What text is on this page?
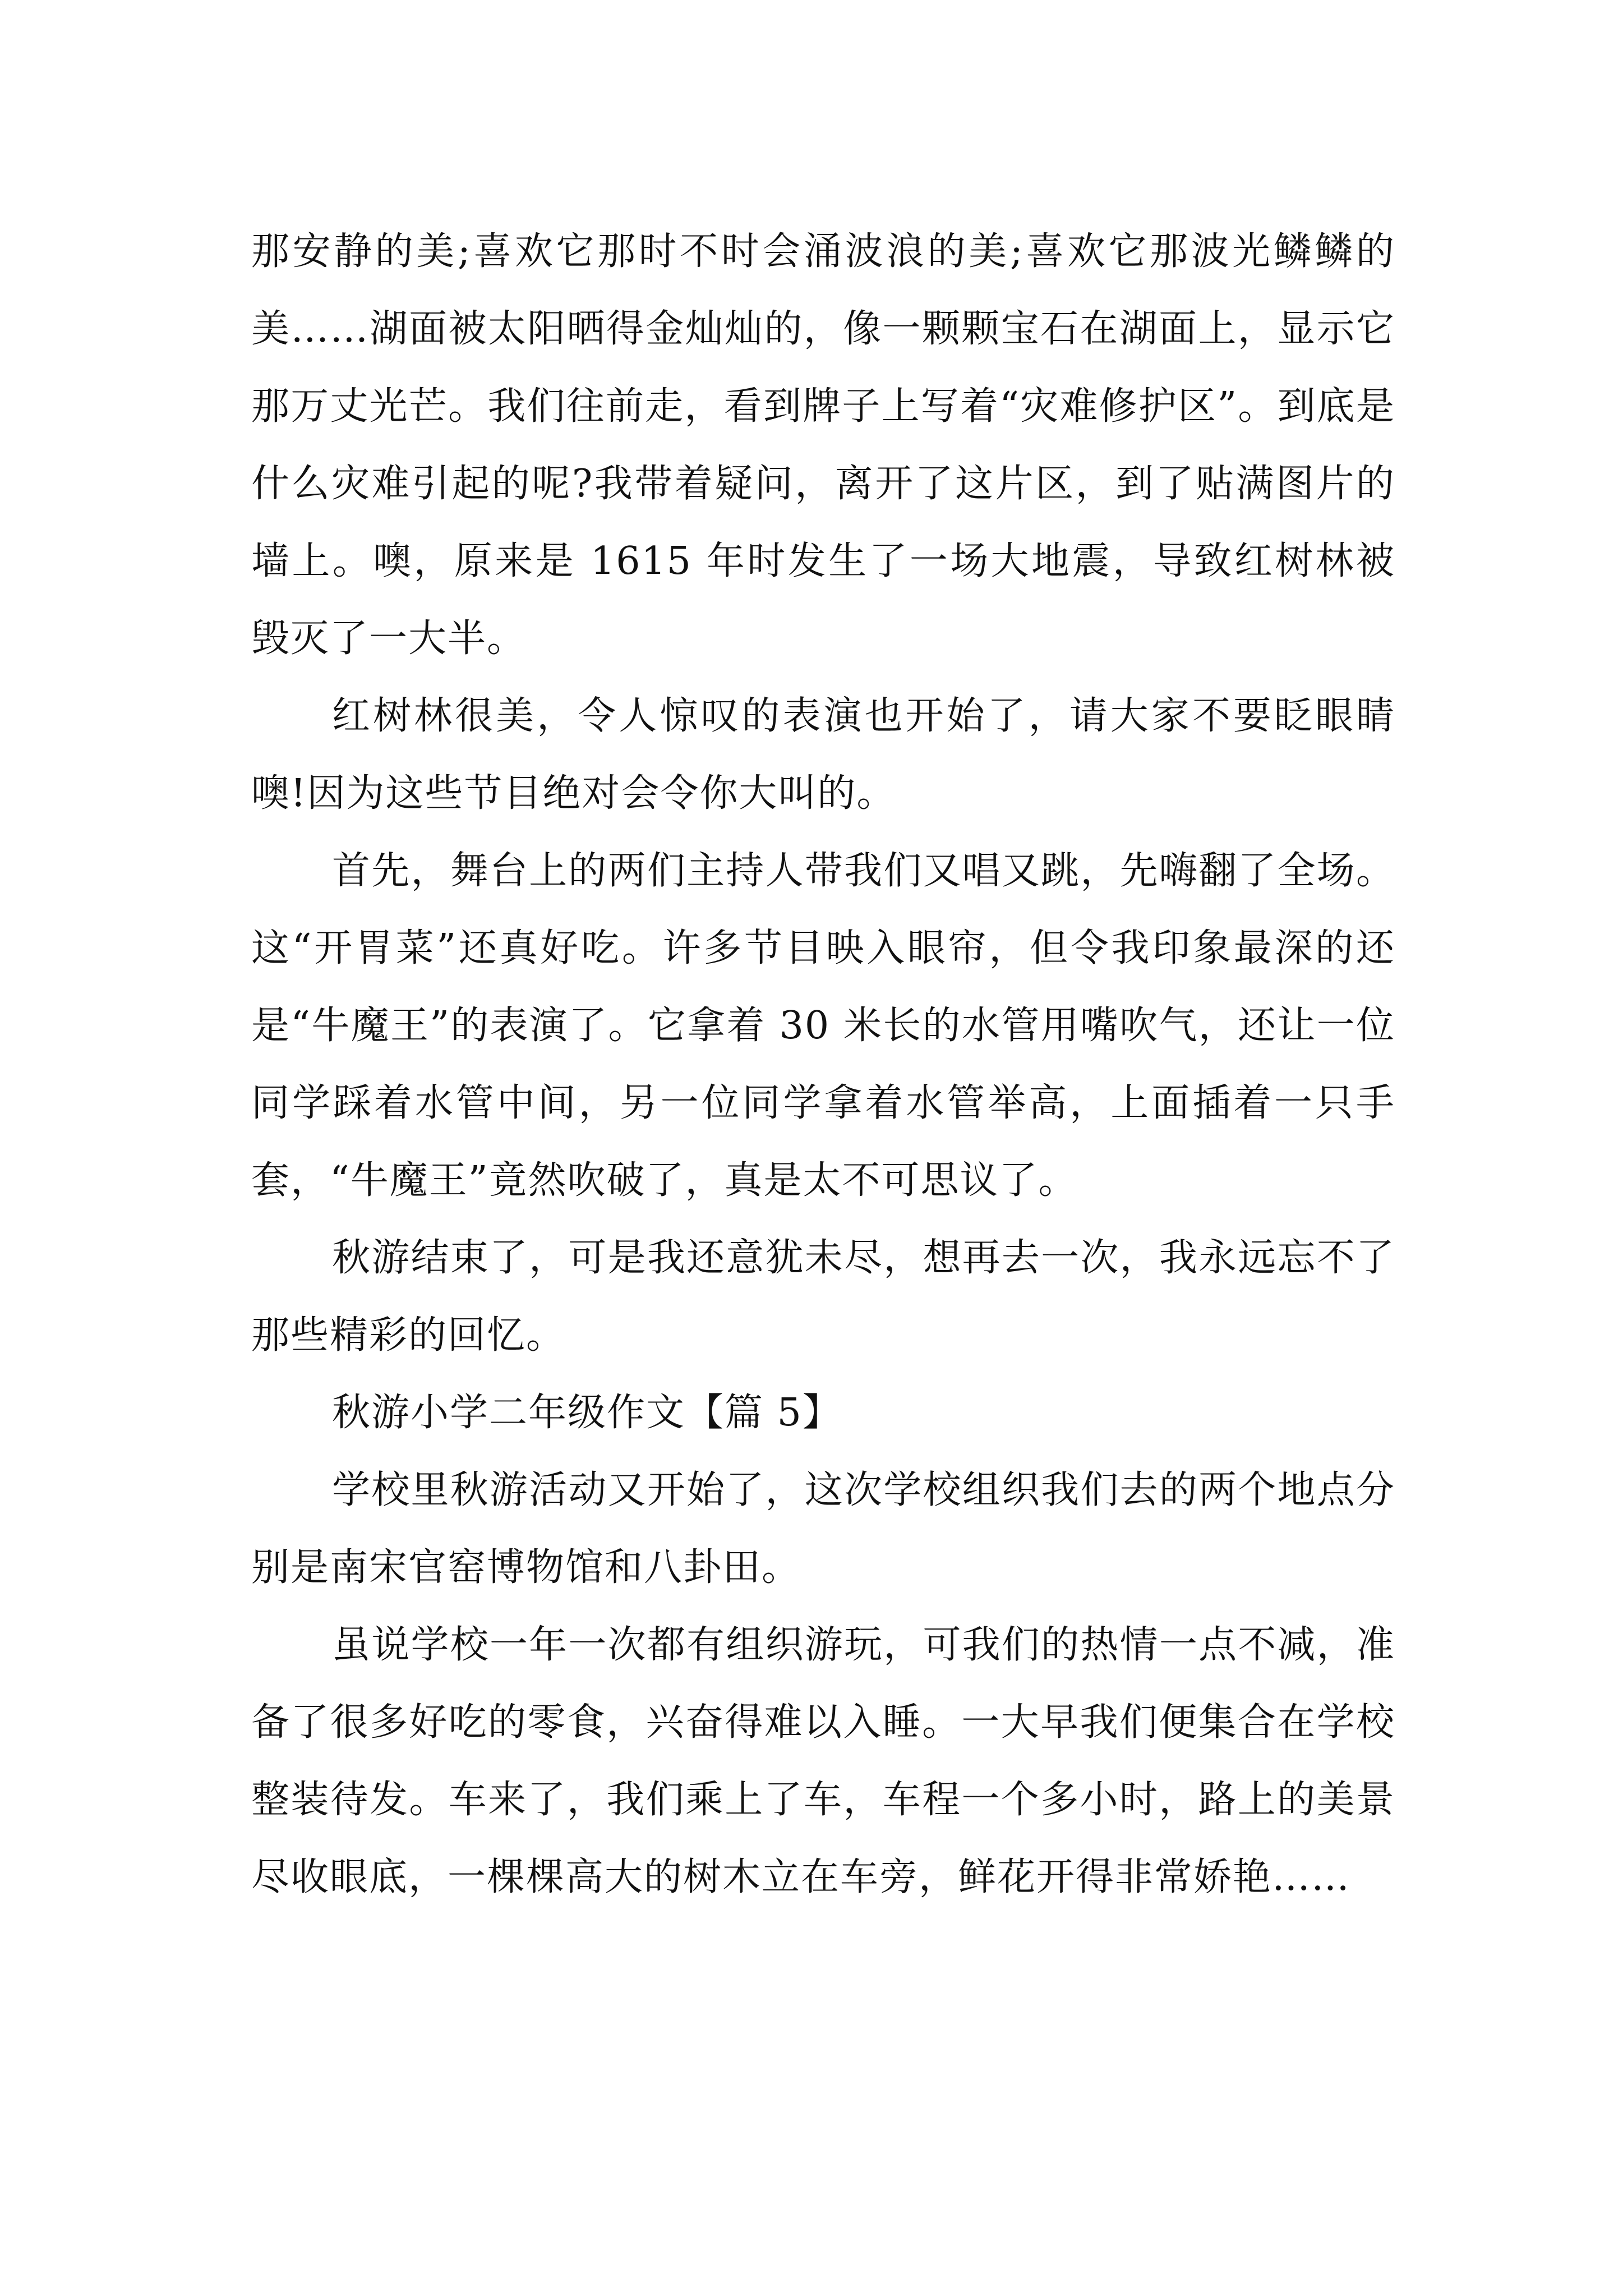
那安静的美;喜欢它那时不时会涌波浪的美;喜欢它那波光鳞鳞的美……湖面被太阳晒得金灿灿的，像一颗颗宝石在湖面上，显示它那万丈光芒。我们往前走，看到牌子上写着“灾难修护区”。到底是什么灾难引起的呢?我带着疑问，离开了这片区，到了贴满图片的墙上。噢，原来是 1615 年时发生了一场大地震，导致红树林被毁灭了一大半。

红树林很美，令人惊叹的表演也开始了，请大家不要眨眼睛噢!因为这些节目绝对会令你大叫的。

首先，舞台上的两们主持人带我们又唱又跳，先嗨翻了全场。这“开胃菜”还真好吃。许多节目映入眼帘，但令我印象最深的还是“牛魔王”的表演了。它拿着 30 米长的水管用嘴吹气，还让一位同学踩着水管中间，另一位同学拿着水管举高，上面插着一只手套，“牛魔王”竟然吹破了，真是太不可思议了。

秋游结束了，可是我还意犹未尽，想再去一次，我永远忘不了那些精彩的回忆。

秋游小学二年级作文【篇 5】

学校里秋游活动又开始了，这次学校组织我们去的两个地点分别是南宋官窑博物馆和八卦田。

虽说学校一年一次都有组织游玩，可我们的热情一点不减，准备了很多好吃的零食，兴奋得难以入睡。一大早我们便集合在学校整装待发。车来了，我们乘上了车，车程一个多小时，路上的美景尽收眼底，一棵棵高大的树木立在车旁，鲜花开得非常娇艳……
